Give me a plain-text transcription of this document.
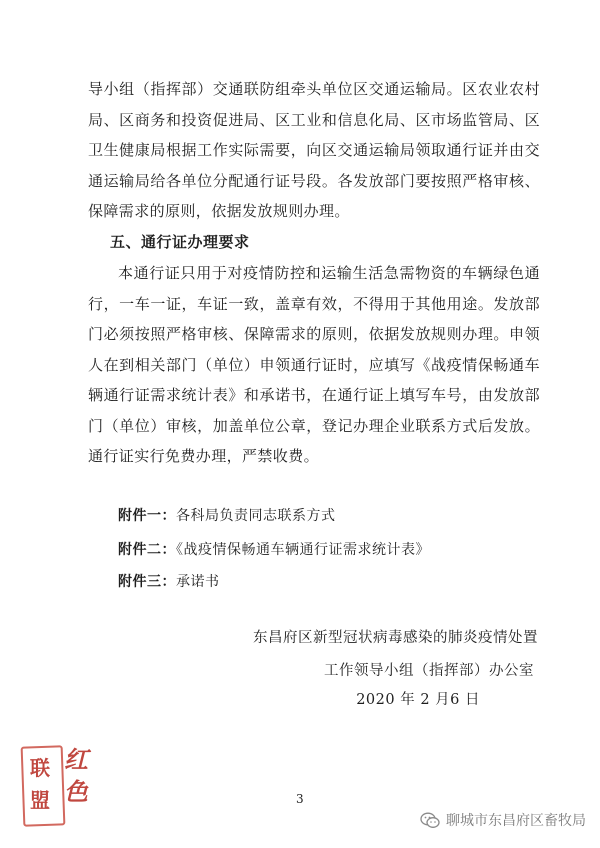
导小组（指挥部）交通联防组牵头单位区交通运输局。区农业农村局、区商务和投资促进局、区工业和信息化局、区市场监管局、区卫生健康局根据工作实际需要，向区交通运输局领取通行证并由交通运输局给各单位分配通行证号段。各发放部门要按照严格审核、保障需求的原则，依据发放规则办理。

五、通行证办理要求

本通行证只用于对疫情防控和运输生活急需物资的车辆绿色通行，一车一证，车证一致，盖章有效，不得用于其他用途。发放部门必须按照严格审核、保障需求的原则，依据发放规则办理。申领人在到相关部门（单位）申领通行证时，应填写《战疫情保畅通车辆通行证需求统计表》和承诺书，在通行证上填写车号，由发放部门（单位）审核，加盖单位公章，登记办理企业联系方式后发放。通行证实行免费办理，严禁收费。

附件一：各科局负责同志联系方式
附件二：《战疫情保畅通车辆通行证需求统计表》
附件三：承诺书
东昌府区新型冠状病毒感染的肺炎疫情处置
工作领导小组（指挥部）办公室
2020 年 2 月6 日
3
红
色
联
盟
聊城市东昌府区畜牧局
